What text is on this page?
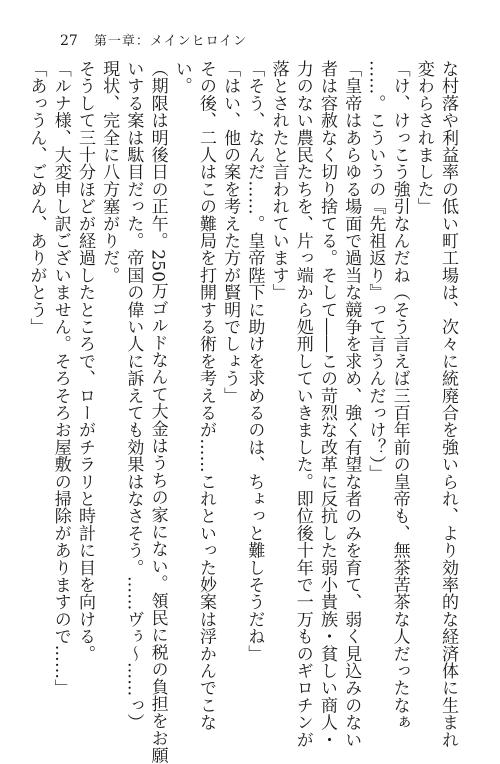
27 第一章：メインヒロイン

な村落や利益率の低い町工場は、次々に統廃合を強いられ、より効率的な経済体に生まれ

変わらされました」

「け、けっこう強引なんだね（そう言えば三百年前の皇帝も、無茶苦茶な人だったなぁ

……。こういうの『先祖返り』って言うんだっけ？）」

「皇帝はあらゆる場面で過当な競争を求め、強く有望な者のみを育て、弱く見込みのない

者は容赦なく切り捨てる。そして――この苛烈な改革に反抗した弱小貴族・貧しい商人・

力のない農民たちを、片っ端から処刑していきました。即位後十年で一万ものギロチンが

落とされたと言われています」

「そう、なんだ……。皇帝陛下に助けを求めるのは、ちょっと難しそうだね」

「はい、他の案を考えた方が賢明でしょう」

その後、二人はこの難局を打開する術を考えるが……これといった妙案は浮かんでこな

い。

（期限は明後日の正午。250万ゴルドなんて大金はうちの家にない。領民に税の負担をお願

いする案は駄目だった。帝国の偉い人に訴えても効果はなさそう。……ヴぅ～……っ）

現状、完全に八方塞がりだ。

そうして三十分ほどが経過したところで、ローがチラリと時計に目を向ける。

「ルナ様、大変申し訳ございません。そろそろお屋敷の掃除がありますので……」

「あっうん、ごめん、ありがとう」
